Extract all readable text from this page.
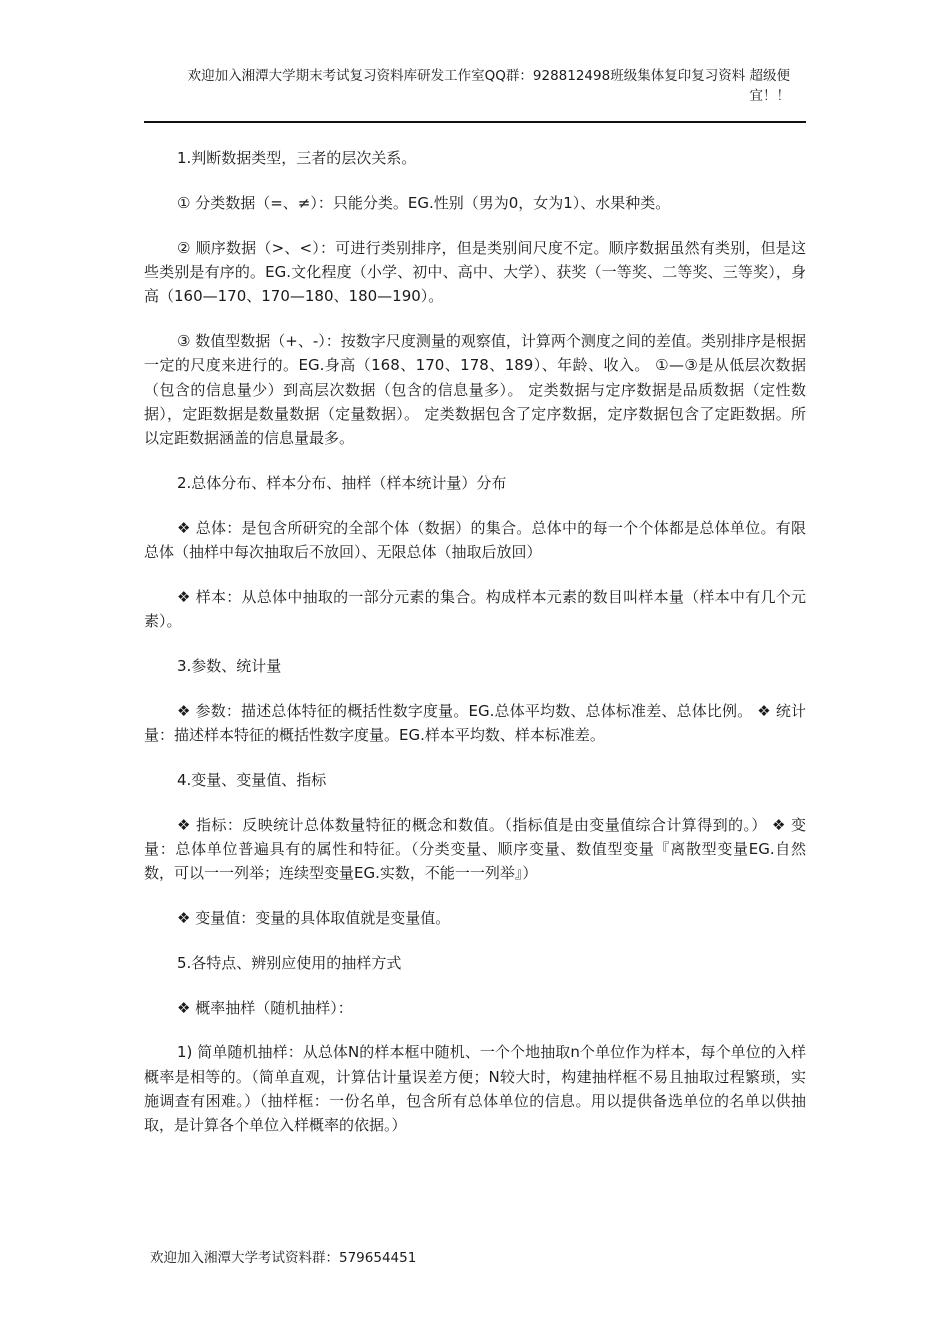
欢迎加入湘潭大学期末考试复习资料库研发工作室QQ群：928812498班级集体复印复习资料 超级便
宜！！

1.判断数据类型，三者的层次关系。

① 分类数据（=、≠）：只能分类。EG.性别（男为0，女为1）、水果种类。

② 顺序数据（>、<）：可进行类别排序，但是类别间尺度不定。顺序数据虽然有类别，但是这些类别是有序的。EG.文化程度（小学、初中、高中、大学）、获奖（一等奖、二等奖、三等奖），身高（160—170、170—180、180—190）。

③ 数值型数据（+、-）：按数字尺度测量的观察值，计算两个测度之间的差值。类别排序是根据一定的尺度来进行的。EG.身高（168、170、178、189）、年龄、收入。 ①—③是从低层次数据（包含的信息量少）到高层次数据（包含的信息量多）。 定类数据与定序数据是品质数据（定性数据），定距数据是数量数据（定量数据）。 定类数据包含了定序数据，定序数据包含了定距数据。所以定距数据涵盖的信息量最多。

2.总体分布、样本分布、抽样（样本统计量）分布

❖ 总体：是包含所研究的全部个体（数据）的集合。总体中的每一个个体都是总体单位。有限总体（抽样中每次抽取后不放回）、无限总体（抽取后放回）

❖ 样本：从总体中抽取的一部分元素的集合。构成样本元素的数目叫样本量（样本中有几个元素）。

3.参数、统计量

❖ 参数：描述总体特征的概括性数字度量。EG.总体平均数、总体标准差、总体比例。 ❖ 统计量：描述样本特征的概括性数字度量。EG.样本平均数、样本标准差。

4.变量、变量值、指标

❖ 指标：反映统计总体数量特征的概念和数值。（指标值是由变量值综合计算得到的。） ❖ 变量：总体单位普遍具有的属性和特征。（分类变量、顺序变量、数值型变量『离散型变量EG.自然数，可以一一列举；连续型变量EG.实数，不能一一列举』）

❖ 变量值：变量的具体取值就是变量值。

5.各特点、辨别应使用的抽样方式

❖ 概率抽样（随机抽样）：

1) 简单随机抽样：从总体N的样本框中随机、一个个地抽取n个单位作为样本，每个单位的入样概率是相等的。（简单直观，计算估计量误差方便；N较大时，构建抽样框不易且抽取过程繁琐，实施调查有困难。）（抽样框：一份名单，包含所有总体单位的信息。用以提供备选单位的名单以供抽取，是计算各个单位入样概率的依据。）

欢迎加入湘潭大学考试资料群：579654451
